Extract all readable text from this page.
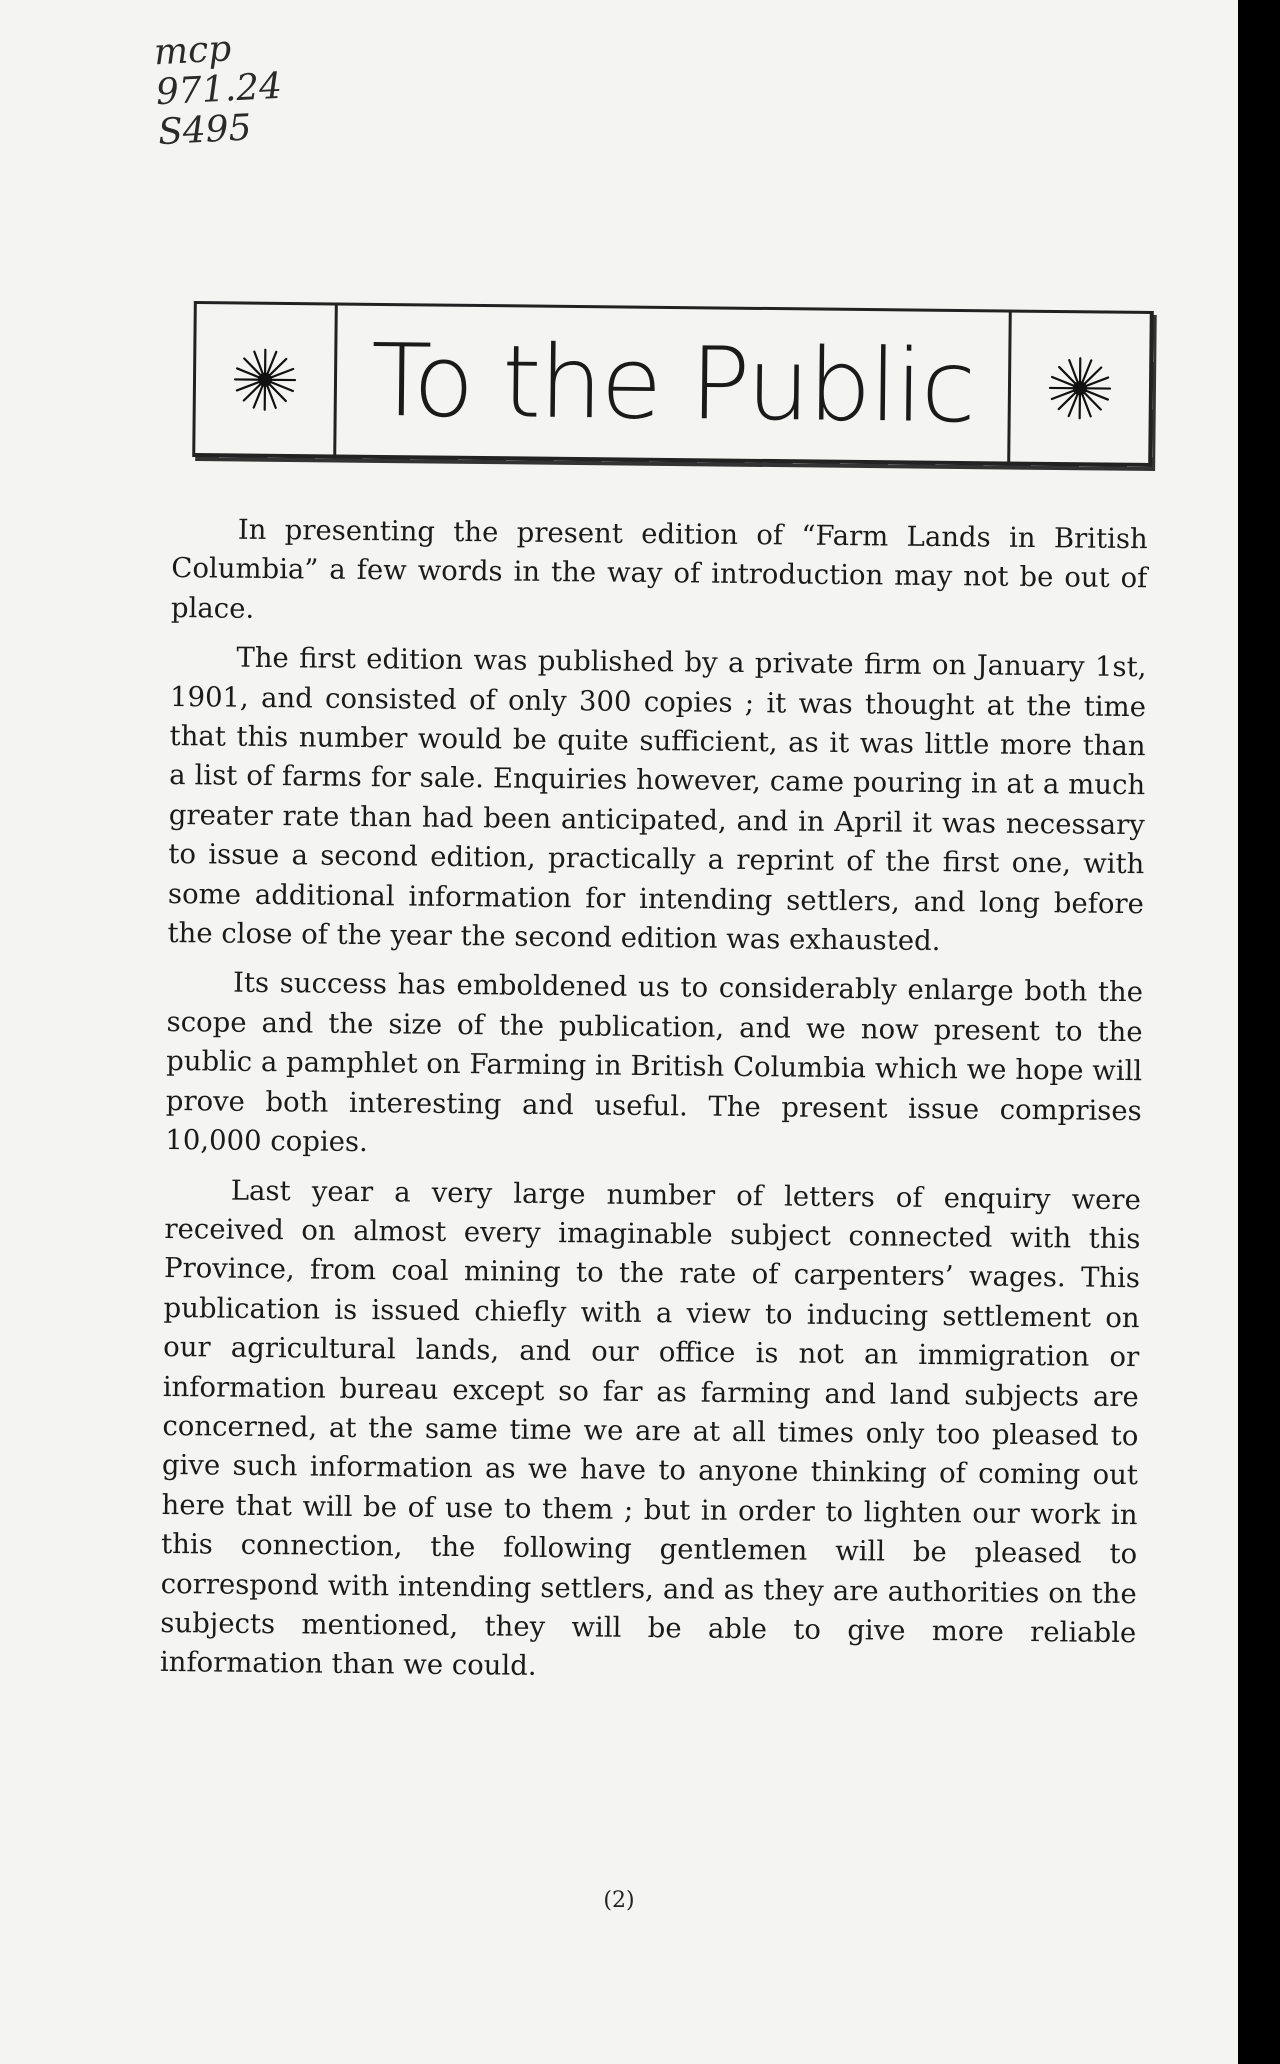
mcp
971.24
S495
To the Public

In presenting the present edition of “Farm Lands in British Columbia” a few words in the way of introduction may not be out of place.

The first edition was published by a private firm on January 1st, 1901, and consisted of only 300 copies ; it was thought at the time that this number would be quite sufficient, as it was little more than a list of farms for sale. Enquiries however, came pouring in at a much greater rate than had been anticipated, and in April it was necessary to issue a second edition, practically a reprint of the first one, with some additional information for intending settlers, and long before the close of the year the second edition was exhausted.

Its success has emboldened us to considerably enlarge both the scope and the size of the publication, and we now present to the public a pamphlet on Farming in British Columbia which we hope will prove both interesting and useful. The present issue comprises 10,000 copies.

Last year a very large number of letters of enquiry were received on almost every imaginable subject connected with this Province, from coal mining to the rate of carpenters’ wages. This publication is issued chiefly with a view to inducing settlement on our agricultural lands, and our office is not an immigration or information bureau except so far as farming and land subjects are concerned, at the same time we are at all times only too pleased to give such information as we have to anyone thinking of coming out here that will be of use to them ; but in order to lighten our work in this connection, the following gentlemen will be pleased to correspond with intending settlers, and as they are authorities on the subjects mentioned, they will be able to give more reliable information than we could.

(2)
